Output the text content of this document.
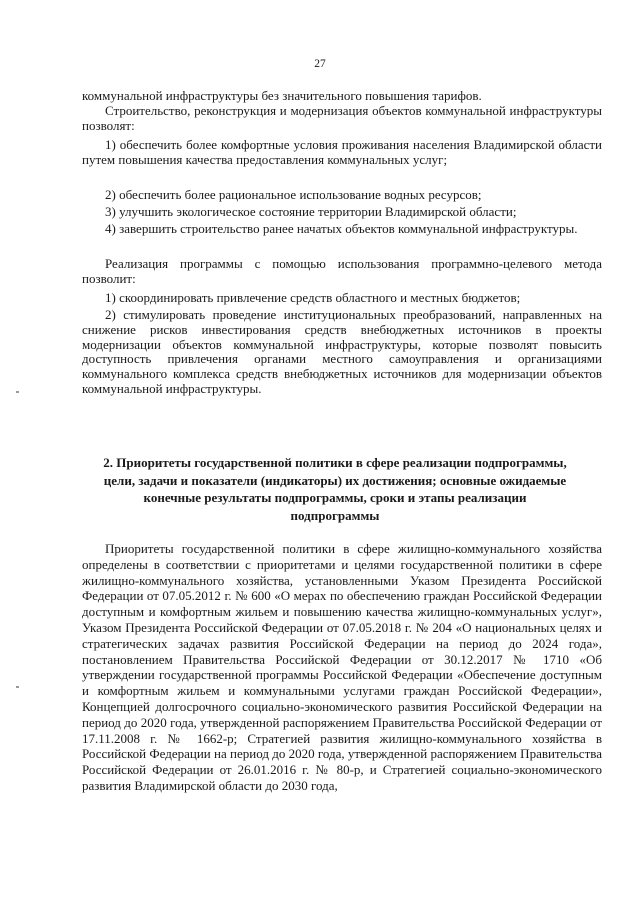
27

коммунальной инфраструктуры без значительного повышения тарифов.

Строительство, реконструкция и модернизация объектов коммунальной инфраструктуры позволят:

1) обеспечить более комфортные условия проживания населения Владимирской области путем повышения качества предоставления коммунальных услуг;

2) обеспечить более рациональное использование водных ресурсов;

3) улучшить экологическое состояние территории Владимирской области;

4) завершить строительство ранее начатых объектов коммунальной инфраструктуры.

Реализация программы с помощью использования программно-целевого метода позволит:

1) скоординировать привлечение средств областного и местных бюджетов;

2) стимулировать проведение институциональных преобразований, направленных на снижение рисков инвестирования средств внебюджетных источников в проекты модернизации объектов коммунальной инфраструктуры, которые позволят повысить доступность привлечения органами местного самоуправления и организациями коммунального комплекса средств внебюджетных источников для модернизации объектов коммунальной инфраструктуры.

2. Приоритеты государственной политики в сфере реализации подпрограммы, цели, задачи и показатели (индикаторы) их достижения; основные ожидаемые конечные результаты подпрограммы, сроки и этапы реализации подпрограммы

Приоритеты государственной политики в сфере жилищно-коммунального хозяйства определены в соответствии с приоритетами и целями государственной политики в сфере жилищно-коммунального хозяйства, установленными Указом Президента Российской Федерации от 07.05.2012 г. № 600 «О мерах по обеспечению граждан Российской Федерации доступным и комфортным жильем и повышению качества жилищно-коммунальных услуг», Указом Президента Российской Федерации от 07.05.2018 г. № 204 «О национальных целях и стратегических задачах развития Российской Федерации на период до 2024 года», постановлением Правительства Российской Федерации от 30.12.2017 № 1710 «Об утверждении государственной программы Российской Федерации «Обеспечение доступным и комфортным жильем и коммунальными услугами граждан Российской Федерации», Концепцией долгосрочного социально-экономического развития Российской Федерации на период до 2020 года, утвержденной распоряжением Правительства Российской Федерации от 17.11.2008 г. № 1662-р; Стратегией развития жилищно-коммунального хозяйства в Российской Федерации на период до 2020 года, утвержденной распоряжением Правительства Российской Федерации от 26.01.2016 г. № 80-р, и Стратегией социально-экономического развития Владимирской области до 2030 года,
